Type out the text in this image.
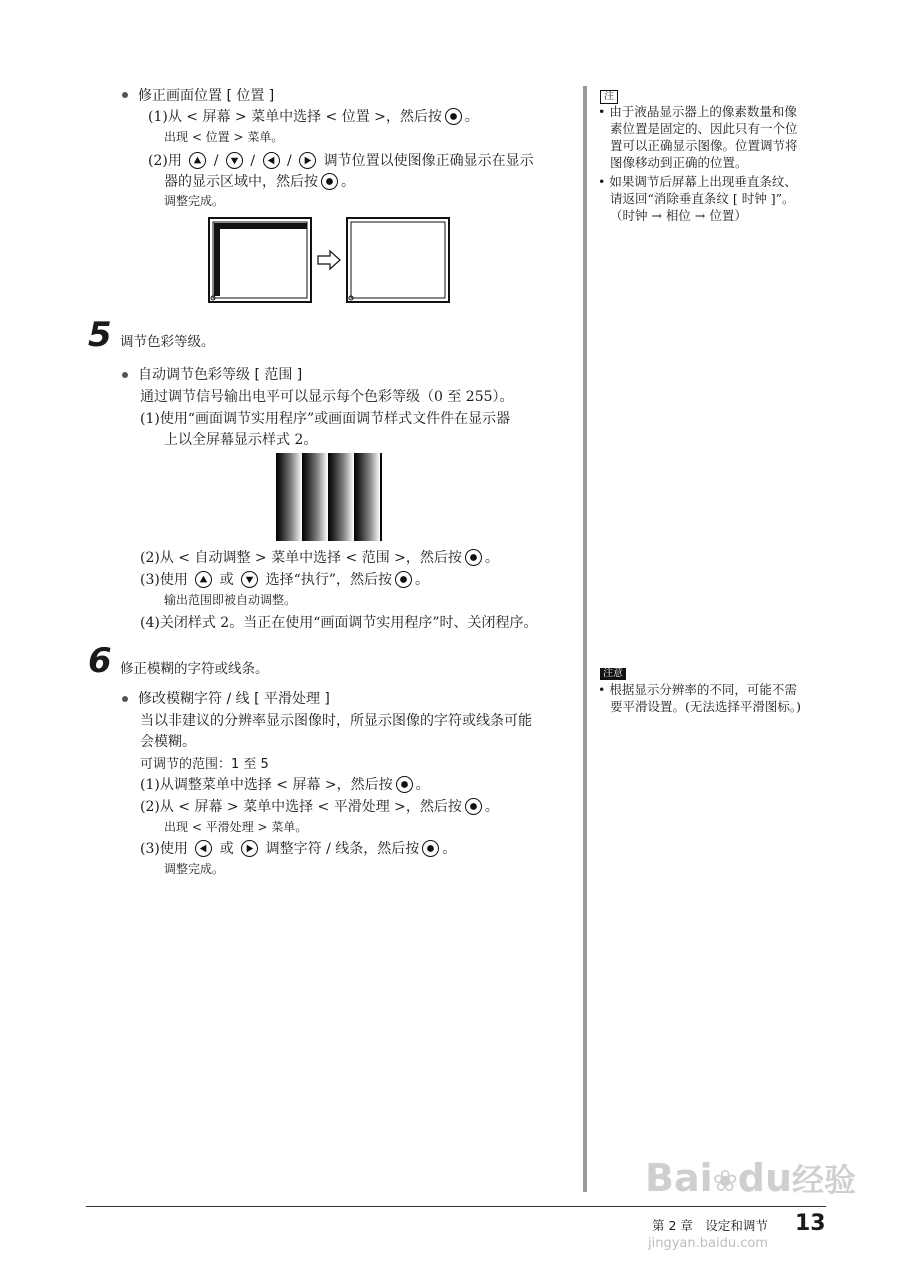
修正画面位置 [ 位置 ]
(1)从 < 屏幕 > 菜单中选择 < 位置 >，然后按 。
出现 < 位置 > 菜单。
(2)用 / / / 调节位置以使图像正确显示在显示
器的显示区域中，然后按 。
调整完成。
5 调节色彩等级。
自动调节色彩等级 [ 范围 ]
通过调节信号输出电平可以显示每个色彩等级（0 至 255）。
(1)使用“画面调节实用程序”或画面调节样式文件件在显示器
上以全屏幕显示样式 2。
(2)从 < 自动调整 > 菜单中选择 < 范围 >，然后按 。
(3)使用 或 选择“执行”，然后按 。
输出范围即被自动调整。
(4)关闭样式 2。当正在使用“画面调节实用程序”时、关闭程序。
6 修正模糊的字符或线条。
修改模糊字符 / 线 [ 平滑处理 ]
当以非建议的分辨率显示图像时，所显示图像的字符或线条可能
会模糊。
可调节的范围：1 至 5
(1)从调整菜单中选择 < 屏幕 >，然后按 。
(2)从 < 屏幕 > 菜单中选择 < 平滑处理 >，然后按 。
出现 < 平滑处理 > 菜单。
(3)使用 或 调整字符 / 线条，然后按 。
调整完成。
注
• 由于液晶显示器上的像素数量和像
素位置是固定的、因此只有一个位
置可以正确显示图像。位置调节将
图像移动到正确的位置。
• 如果调节后屏幕上出现垂直条纹、
请返回“消除垂直条纹 [ 时钟 ]”。
（时钟 → 相位 → 位置）
注意
• 根据显示分辨率的不同，可能不需
要平滑设置。(无法选择平滑图标。)
Bai❀du经验
jingyan.baidu.com
第 2 章　设定和调节 13
